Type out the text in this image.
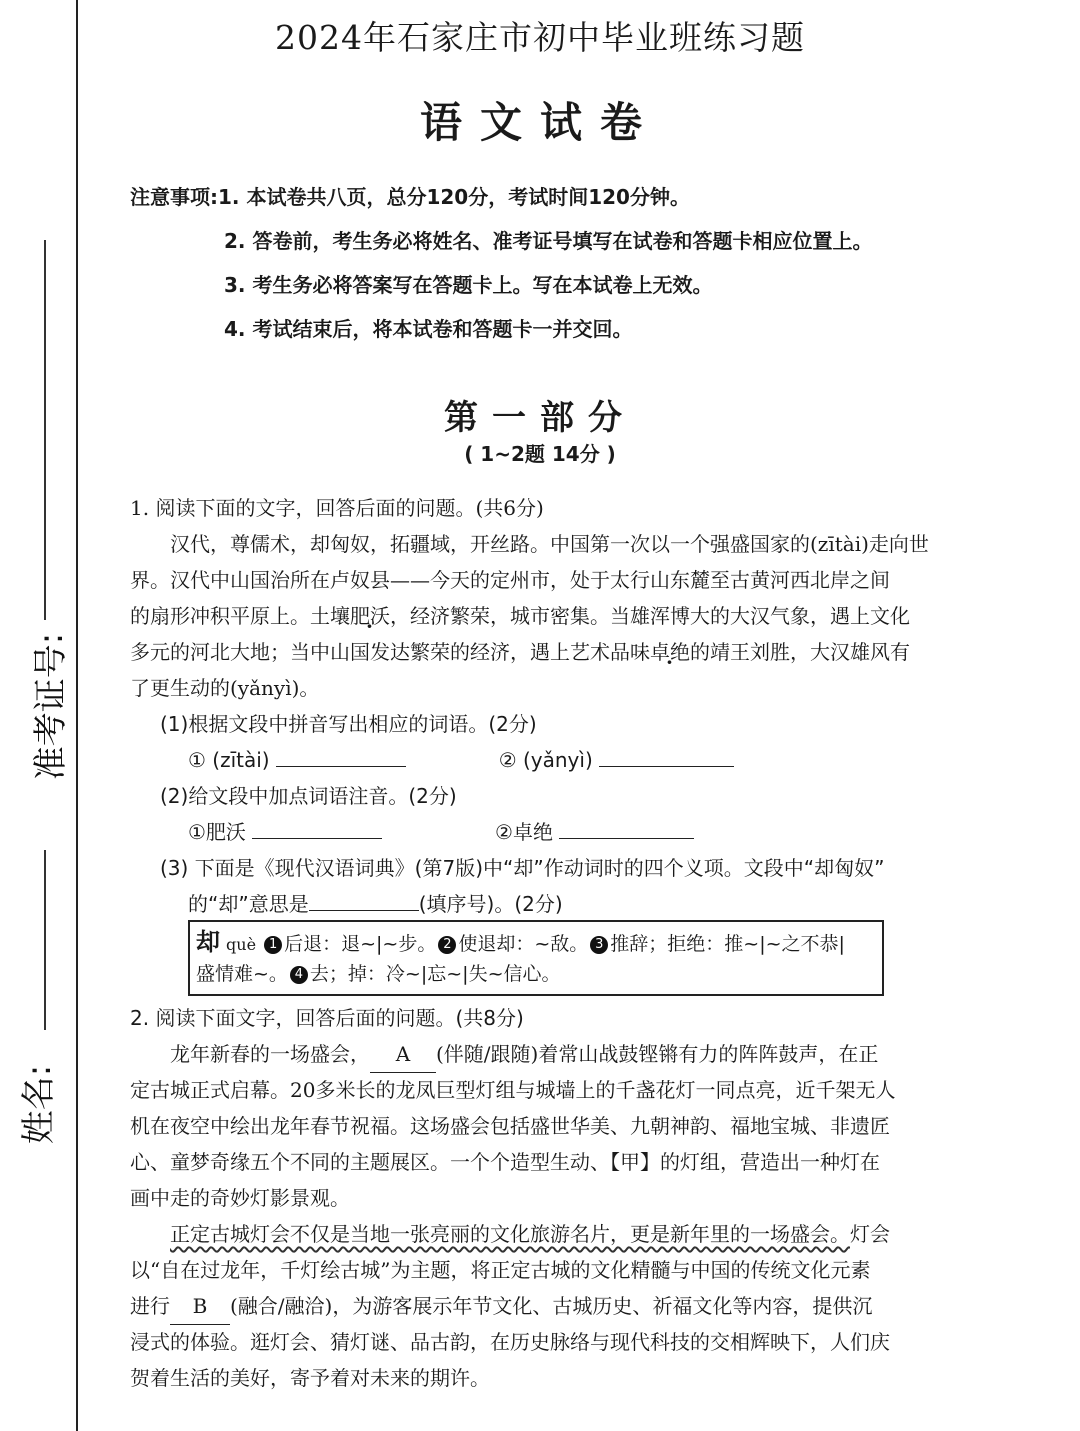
准考证号:
姓名:
2024年石家庄市初中毕业班练习题
语文试卷
注意事项:1. 本试卷共八页，总分120分，考试时间120分钟。
2. 答卷前，考生务必将姓名、准考证号填写在试卷和答题卡相应位置上。
3. 考生务必将答案写在答题卡上。写在本试卷上无效。
4. 考试结束后，将本试卷和答题卡一并交回。
第一部分
( 1~2题 14分 )
1. 阅读下面的文字，回答后面的问题。(共6分)
汉代，尊儒术，却匈奴，拓疆域，开丝路。中国第一次以一个强盛国家的(zītài)走向世
界。汉代中山国治所在卢奴县——今天的定州市，处于太行山东麓至古黄河西北岸之间
的扇形冲积平原上。土壤肥沃，经济繁荣，城市密集。当雄浑博大的大汉气象，遇上文化
多元的河北大地；当中山国发达繁荣的经济，遇上艺术品味卓绝的靖王刘胜，大汉雄风有
了更生动的(yǎnyì)。
(1)根据文段中拼音写出相应的词语。(2分)
① (zītài)	② (yǎnyì)
(2)给文段中加点词语注音。(2分)
①肥沃	②卓绝
(3) 下面是《现代汉语词典》(第7版)中“却”作动词时的四个义项。文段中“却匈奴”
的“却”意思是	(填序号)。(2分)
却 què 1 后退：退~|~步。 2 使退却：~敌。 3 推辞；拒绝：推~|~之不恭|
盛情难~。 4 去；掉：冷~|忘~|失~信心。
2. 阅读下面文字，回答后面的问题。(共8分)
龙年新春的一场盛会， A (伴随/跟随)着常山战鼓铿锵有力的阵阵鼓声，在正
定古城正式启幕。20多米长的龙凤巨型灯组与城墙上的千盏花灯一同点亮，近千架无人
机在夜空中绘出龙年春节祝福。这场盛会包括盛世华美、九朝神韵、福地宝城、非遗匠
心、童梦奇缘五个不同的主题展区。一个个造型生动、【甲】的灯组，营造出一种灯在
画中走的奇妙灯影景观。
正定古城灯会不仅是当地一张亮丽的文化旅游名片，更是新年里的一场盛会。灯会
以“自在过龙年，千灯绘古城”为主题，将正定古城的文化精髓与中国的传统文化元素
进行 B (融合/融洽)，为游客展示年节文化、古城历史、祈福文化等内容，提供沉
浸式的体验。逛灯会、猜灯谜、品古韵，在历史脉络与现代科技的交相辉映下，人们庆
贺着生活的美好，寄予着对未来的期许。
